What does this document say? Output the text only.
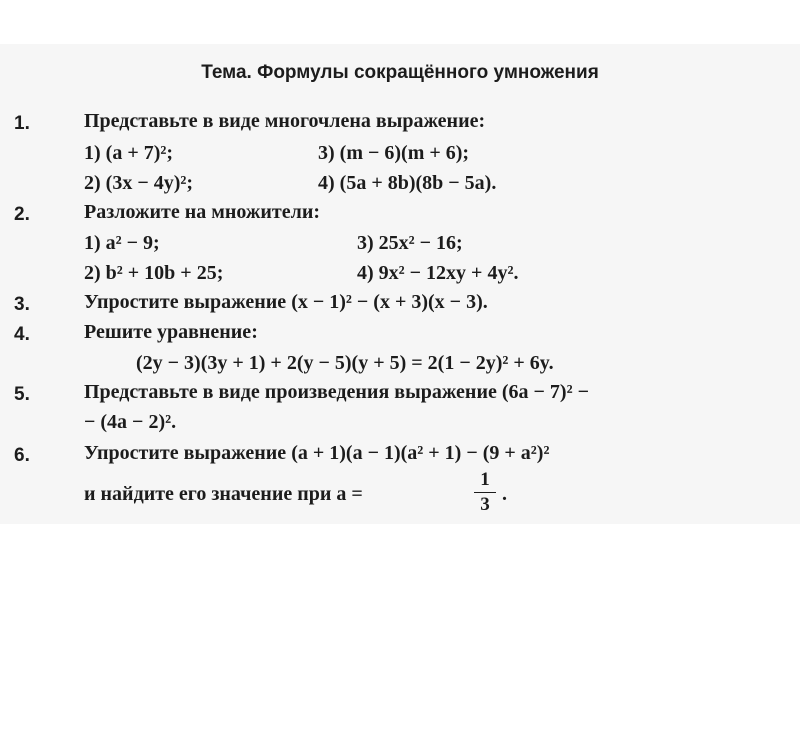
Тема. Формулы сокращённого умножения
1.	Представьте в виде многочлена выражение:
1) (a + 7)²;	3) (m − 6)(m + 6);
2) (3x − 4y)²;	4) (5a + 8b)(8b − 5a).
2.	Разложите на множители:
1) a² − 9;	3) 25x² − 16;
2) b² + 10b + 25;	4) 9x² − 12xy + 4y².
3.	Упростите выражение (x − 1)² − (x + 3)(x − 3).
4.	Решите уравнение:
(2y − 3)(3y + 1) + 2(y − 5)(y + 5) = 2(1 − 2y)² + 6y.
5.	Представьте в виде произведения выражение (6a − 7)² −
− (4a − 2)².
6.	Упростите выражение (a + 1)(a − 1)(a² + 1) − (9 + a²)²
и найдите его значение при a =
1
3 .
